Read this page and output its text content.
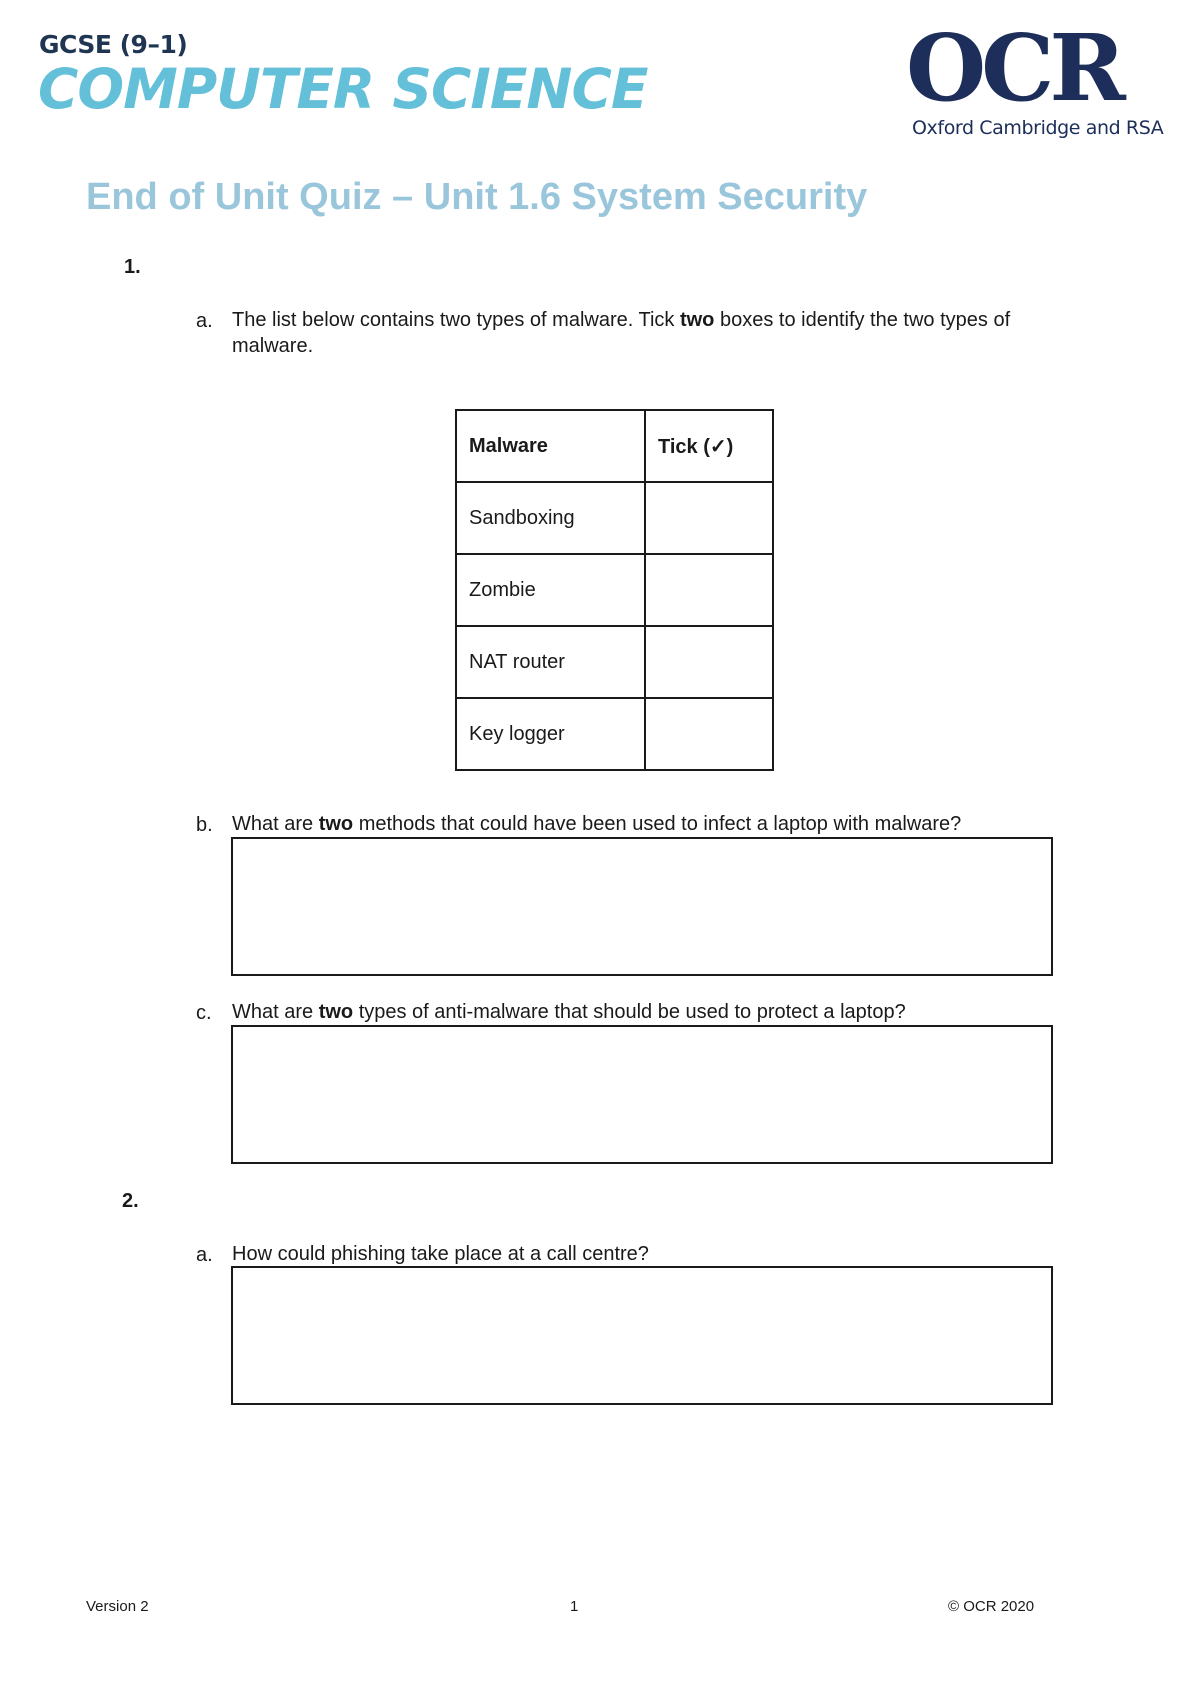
GCSE (9–1)
COMPUTER SCIENCE	OCR
Oxford Cambridge and RSA
End of Unit Quiz – Unit 1.6 System Security
1.
a. The list below contains two types of malware. Tick two boxes to identify the two types of malware.
Malware	Tick (✓)
Sandboxing	
Zombie	
NAT router	
Key logger	
b. What are two methods that could have been used to infect a laptop with malware?
c. What are two types of anti-malware that should be used to protect a laptop?
2.
a. How could phishing take place at a call centre?
Version 2	1	© OCR 2020
